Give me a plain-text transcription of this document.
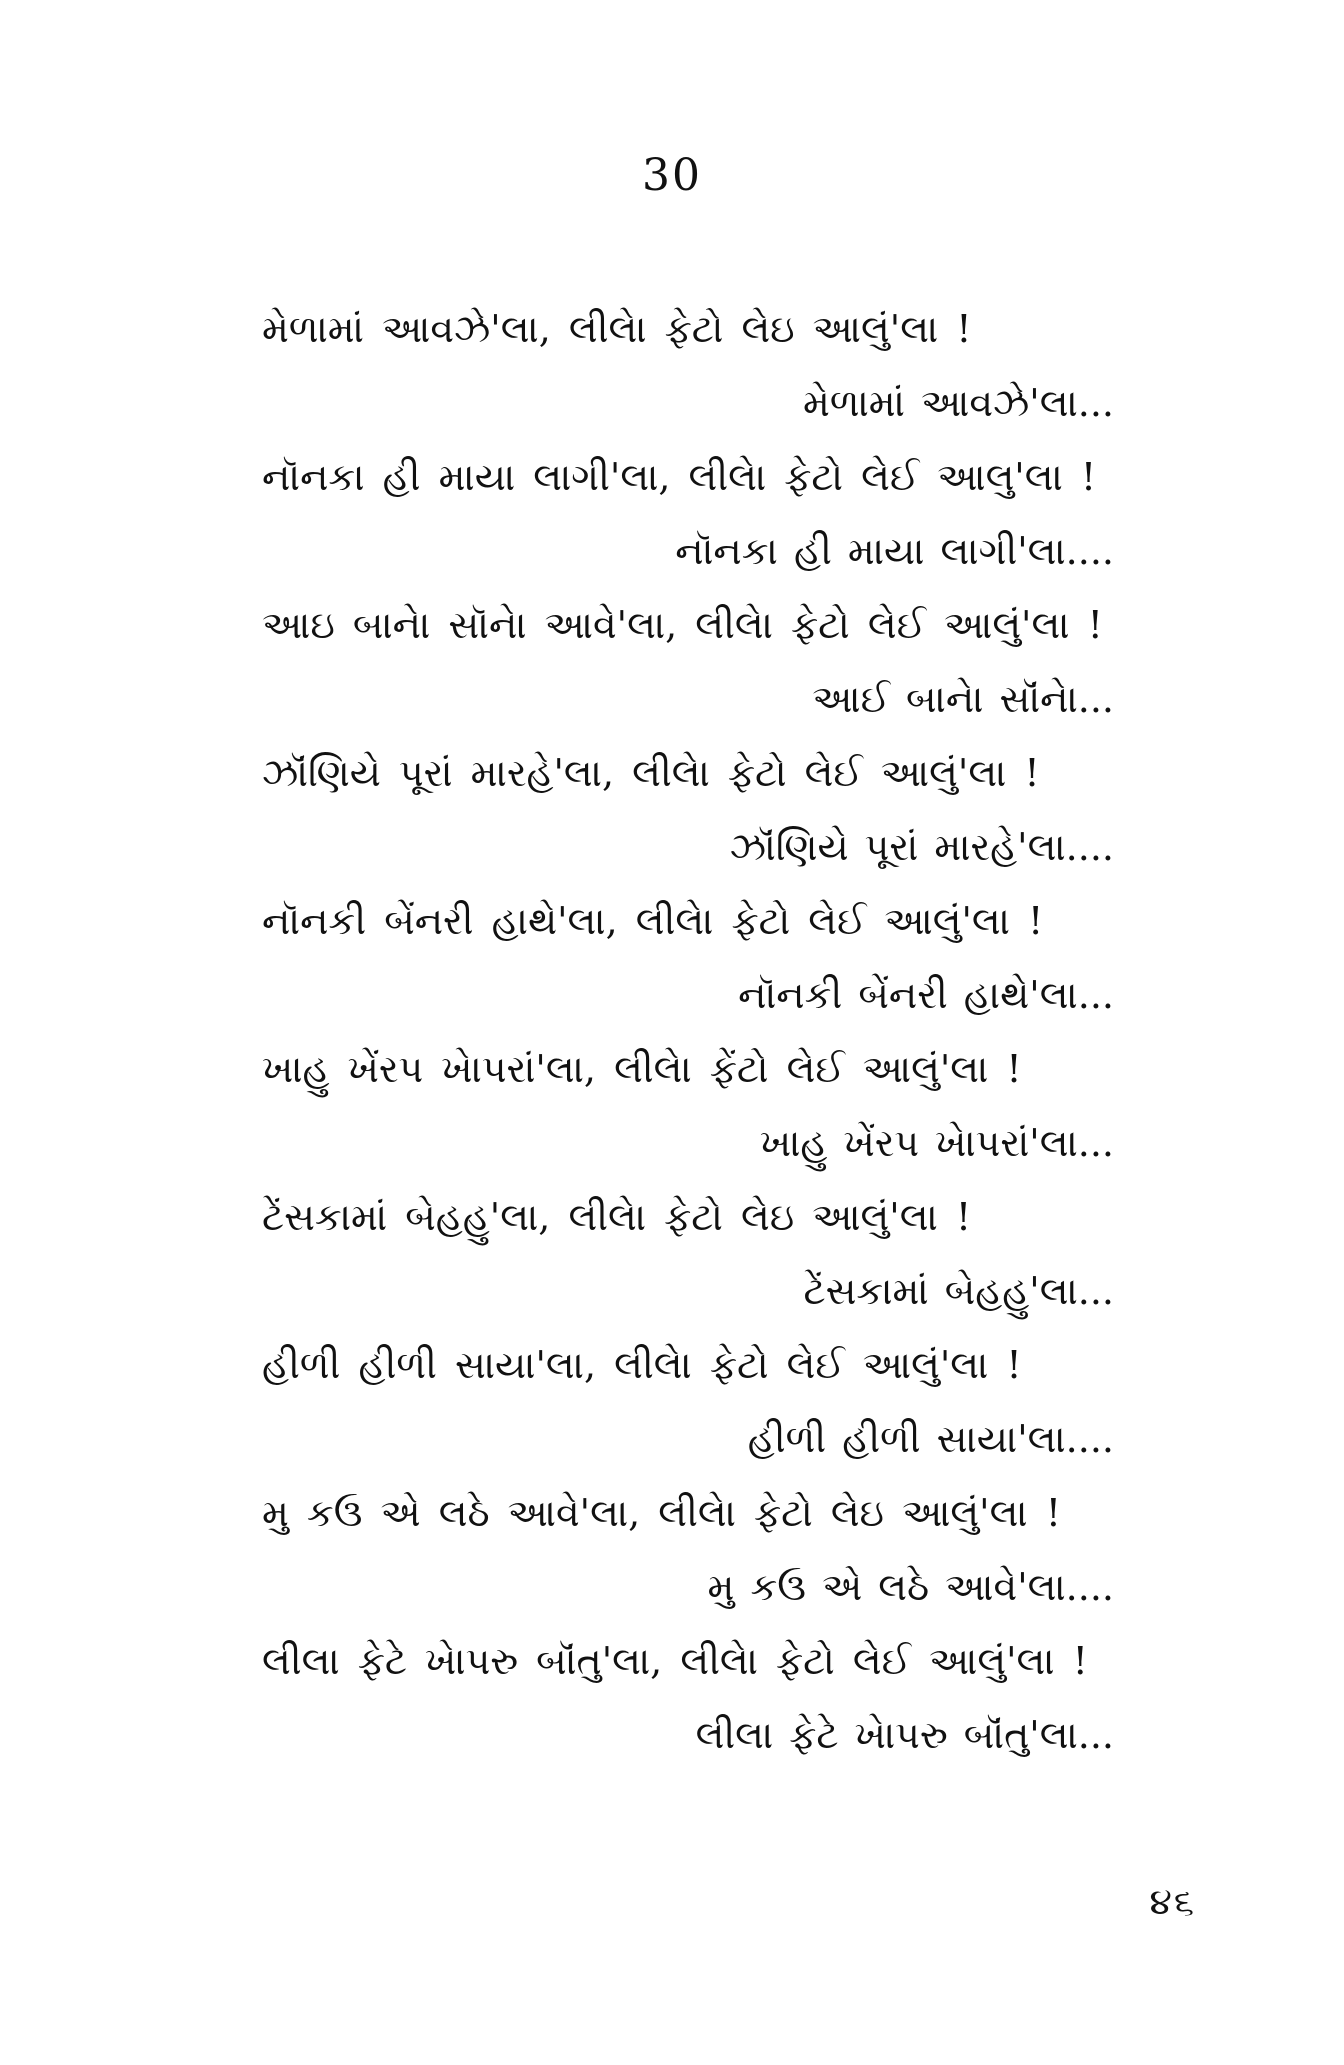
30
મેળામાં આવઝે'લા, લીલેા ફેટો લેઇ આલું'લા !
મેળામાં આવઝે'લા...
નૉનકા હી માયા લાગી'લા, લીલેા ફેટો લેઈ આલુ'લા !
નૉનકા હી માયા લાગી'લા....
આઇ બાનેા સૉનેા આવે'લા, લીલેા ફેટો લેઈ આલું'લા !
આઈ બાનેા સૉંનેા...
ઝૉંણિયે પૂરાં મારહે'લા, લીલેા ફેટો લેઈ આલું'લા !
ઝૉંણિયે પૂરાં મારહે'લા....
નૉનકી બેંનરી હાથે'લા, લીલેા ફેટો લેઈ આલું'લા !
નૉનકી બેંનરી હાથે'લા...
ખાહુ ખેંરપ ખેાપરાં'લા, લીલેા ફેંટો લેઈ આલું'લા !
ખાહુ ખેંરપ ખેાપરાં'લા...
ટેંસકામાં બેહહુ'લા, લીલેા ફેટો લેઇ આલું'લા !
ટેંસકામાં બેહહુ'લા...
હીળી હીળી સાયા'લા, લીલેા ફેટો લેઈ આલું'લા !
હીળી હીળી સાયા'લા....
મુ કઉ એ લઠે આવે'લા, લીલેા ફેટો લેઇ આલું'લા !
મુ કઉ એ લઠે આવે'લા....
લીલા ફેટે ખેાપરુ બૉંતુ'લા, લીલેા ફેટો લેઈ આલું'લા !
લીલા ફેટે ખેાપરુ બૉંતુ'લા...
૪૬
